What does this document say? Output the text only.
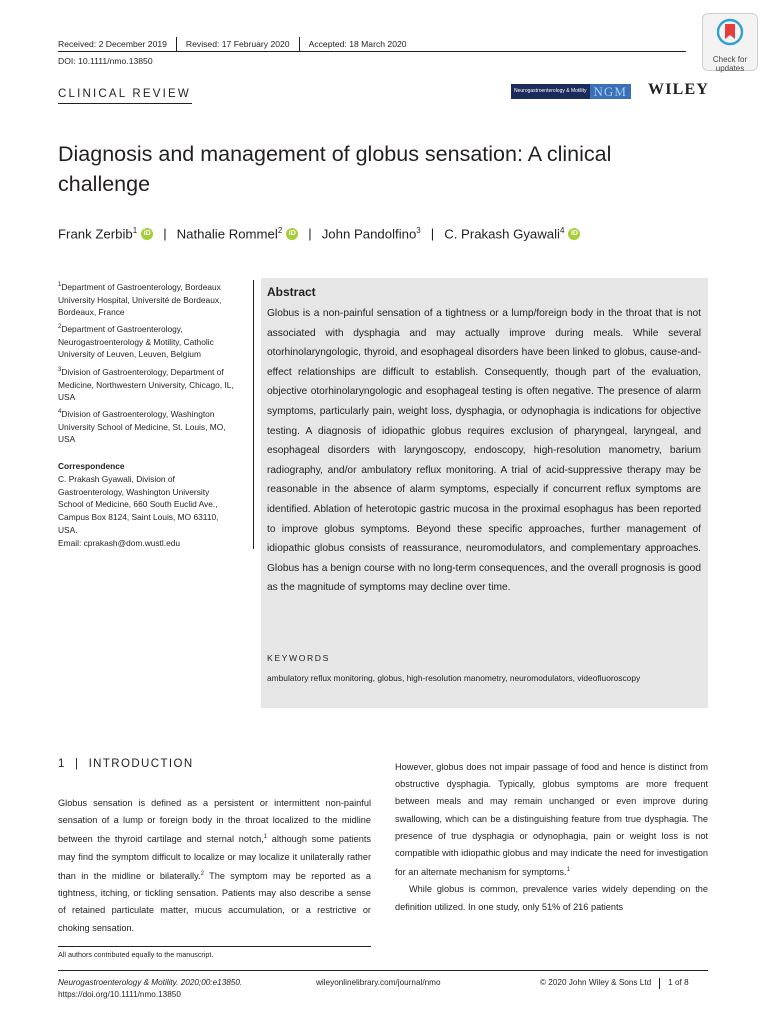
Received: 2 December 2019 Revised: 17 February 2020 Accepted: 18 March 2020
DOI: 10.1111/nmo.13850	Check for
updates
CLINICAL REVIEW	Neurogastroenterology & Motility NGM WILEY
Diagnosis and management of globus sensation: A clinical challenge
Frank Zerbib$^1$ iD | Nathalie Rommel$^2$ iD | John Pandolfino$^3$ | C. Prakash Gyawali$^4$ iD
$^1$Department of Gastroenterology, Bordeaux University Hospital, Université de Bordeaux, Bordeaux, France
$^2$Department of Gastroenterology, Neurogastroenterology & Motility, Catholic University of Leuven, Leuven, Belgium
$^3$Division of Gastroenterology, Department of Medicine, Northwestern University, Chicago, IL, USA
$^4$Division of Gastroenterology, Washington University School of Medicine, St. Louis, MO, USA
Correspondence
C. Prakash Gyawali, Division of
Gastroenterology, Washington University
School of Medicine, 660 South Euclid Ave.,
Campus Box 8124, Saint Louis, MO 63110,
USA.
Email: cprakash@dom.wustl.edu
Abstract
Globus is a non-painful sensation of a tightness or a lump/foreign body in the throat that is not associated with dysphagia and may actually improve during meals. While several otorhinolaryngologic, thyroid, and esophageal disorders have been linked to globus, cause-and-effect relationships are difficult to establish. Consequently, though part of the evaluation, objective otorhinolaryngologic and esophageal testing is often negative. The presence of alarm symptoms, particularly pain, weight loss, dysphagia, or odynophagia is indications for objective testing. A diagnosis of idiopathic globus requires exclusion of pharyngeal, laryngeal, and esophageal disorders with laryngoscopy, endoscopy, high-resolution manometry, barium radiography, and/or ambulatory reflux monitoring. A trial of acid-suppressive therapy may be reasonable in the absence of alarm symptoms, especially if concurrent reflux symptoms are identified. Ablation of heterotopic gastric mucosa in the proximal esophagus has been reported to improve globus symptoms. Beyond these specific approaches, further management of idiopathic globus consists of reassurance, neuromodulators, and complementary approaches. Globus has a benign course with no long-term consequences, and the overall prognosis is good as the magnitude of symptoms may decline over time.
KEYWORDS
ambulatory reflux monitoring, globus, high-resolution manometry, neuromodulators, videofluoroscopy
1  |  INTRODUCTION

Globus sensation is defined as a persistent or intermittent non-painful sensation of a lump or foreign body in the throat localized to the midline between the thyroid cartilage and sternal notch,$^1$ although some patients may find the symptom difficult to localize or may localize it unilaterally rather than in the midline or bilaterally.$^2$ The symptom may be reported as a tightness, itching, or tickling sensation. Patients may also describe a sense of retained particulate matter, mucus accumulation, or a restrictive or choking sensation.

However, globus does not impair passage of food and hence is distinct from obstructive dysphagia. Typically, globus symptoms are more frequent between meals and may remain unchanged or even improve during swallowing, which can be a distinguishing feature from true dysphagia. The presence of true dysphagia or odynophagia, pain or weight loss is not compatible with idiopathic globus and may indicate the need for investigation for an alternate mechanism for symptoms.$^1$

While globus is common, prevalence varies widely depending on the definition utilized. In one study, only 51% of 216 patients

All authors contributed equally to the manuscript.
Neurogastroenterology & Motility. 2020;00:e13850.
https://doi.org/10.1111/nmo.13850
wileyonlinelibrary.com/journal/nmo	© 2020 John Wiley & Sons Ltd 1 of 8
